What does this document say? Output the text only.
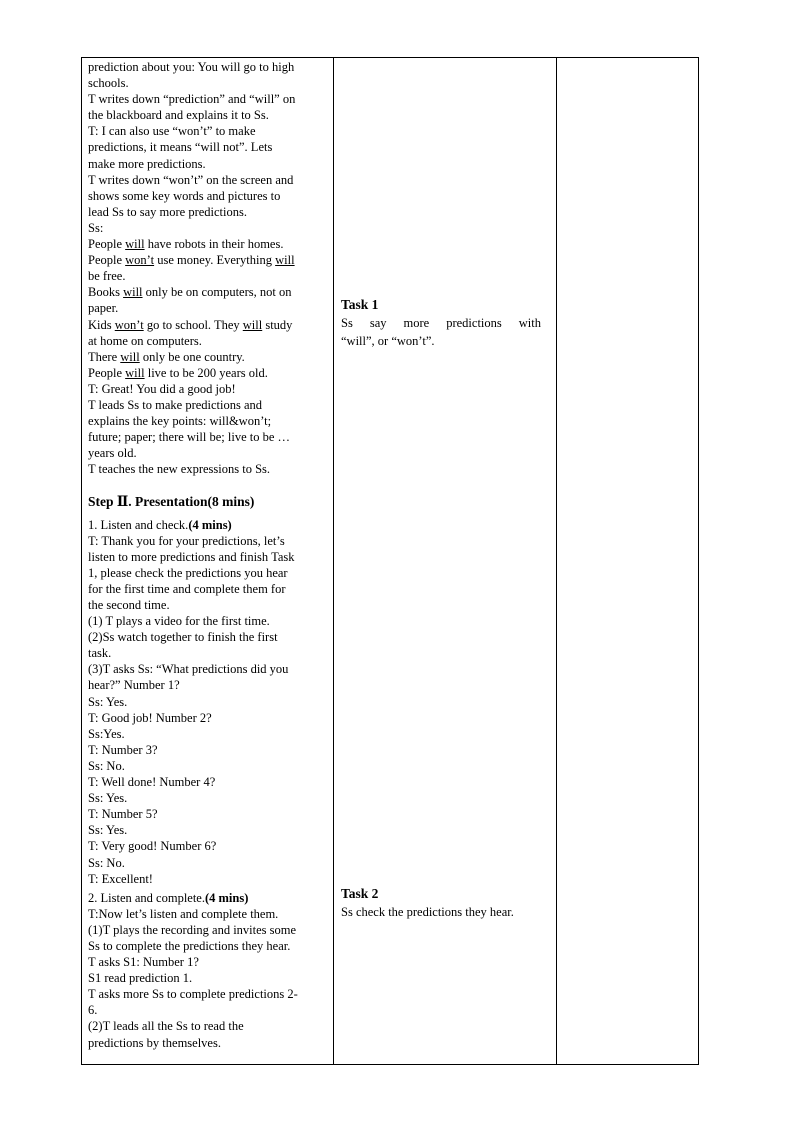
prediction about you: You will go to high
schools.
T writes down “prediction” and “will” on
the blackboard and explains it to Ss.
T: I can also use “won’t” to make
predictions, it means “will not”. Lets
make more predictions.
T writes down “won’t” on the screen and
shows some key words and pictures to
lead Ss to say more predictions.
Ss:
People will have robots in their homes.
People won’t use money. Everything will
be free.
Books will only be on computers, not on
paper.
Kids won’t go to school. They will study
at home on computers.
There will only be one country.
People will live to be 200 years old.
T: Great! You did a good job!
T leads Ss to make predictions and
explains the key points: will&won’t;
future; paper; there will be; live to be …
years old.
T teaches the new expressions to Ss.
Step Ⅱ. Presentation(8 mins)
1. Listen and check.(4 mins)
T: Thank you for your predictions, let’s
listen to more predictions and finish Task
1, please check the predictions you hear
for the first time and complete them for
the second time.
(1) T plays a video for the first time.
(2)Ss watch together to finish the first
task.
(3)T asks Ss: “What predictions did you
hear?” Number 1?
Ss: Yes.
T: Good job! Number 2?
Ss:Yes.
T: Number 3?
Ss: No.
T: Well done! Number 4?
Ss: Yes.
T: Number 5?
Ss: Yes.
T: Very good! Number 6?
Ss: No.
T: Excellent!
2. Listen and complete.(4 mins)
T:Now let’s listen and complete them.
(1)T plays the recording and invites some
Ss to complete the predictions they hear.
T asks S1: Number 1?
S1 read prediction 1.
T asks more Ss to complete predictions 2-
6.
(2)T leads all the Ss to read the
predictions by themselves.
Task 1
Ss say more predictions with
“will”, or “won’t”.
Task 2
Ss check the predictions they hear.
